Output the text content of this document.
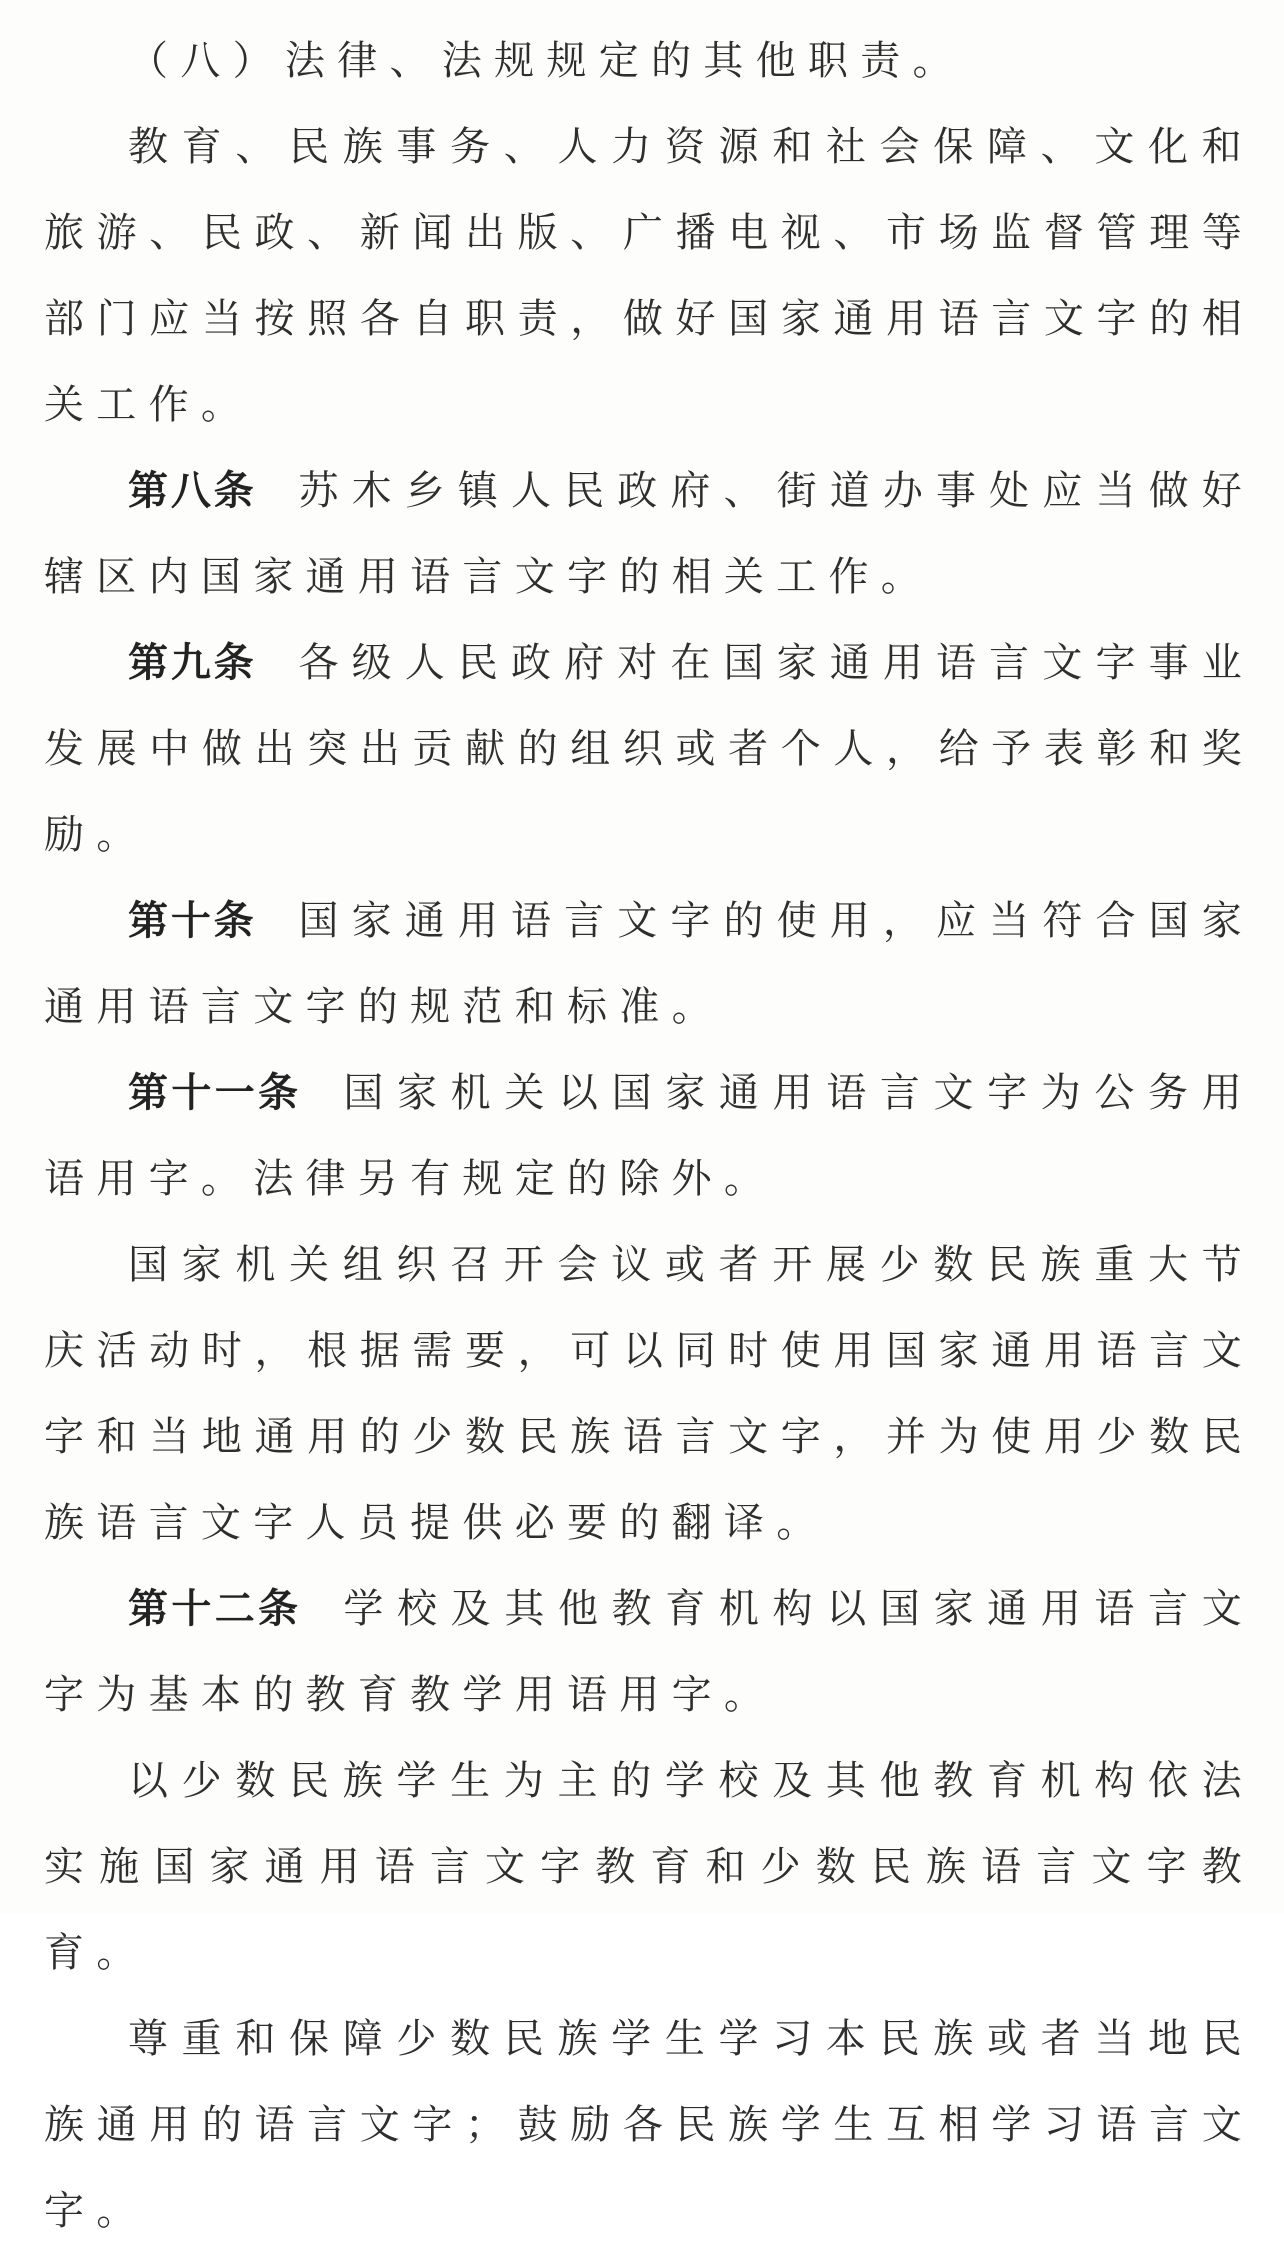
（八）法律、法规规定的其他职责。

教育、民族事务、人力资源和社会保障、文化和旅游、民政、新闻出版、广播电视、市场监督管理等部门应当按照各自职责，做好国家通用语言文字的相关工作。

第八条 苏木乡镇人民政府、街道办事处应当做好辖区内国家通用语言文字的相关工作。

第九条 各级人民政府对在国家通用语言文字事业发展中做出突出贡献的组织或者个人，给予表彰和奖励。

第十条 国家通用语言文字的使用，应当符合国家通用语言文字的规范和标准。

第十一条 国家机关以国家通用语言文字为公务用语用字。法律另有规定的除外。

国家机关组织召开会议或者开展少数民族重大节庆活动时，根据需要，可以同时使用国家通用语言文字和当地通用的少数民族语言文字，并为使用少数民族语言文字人员提供必要的翻译。

第十二条 学校及其他教育机构以国家通用语言文字为基本的教育教学用语用字。

以少数民族学生为主的学校及其他教育机构依法实施国家通用语言文字教育和少数民族语言文字教育。

尊重和保障少数民族学生学习本民族或者当地民族通用的语言文字；鼓励各民族学生互相学习语言文字。
